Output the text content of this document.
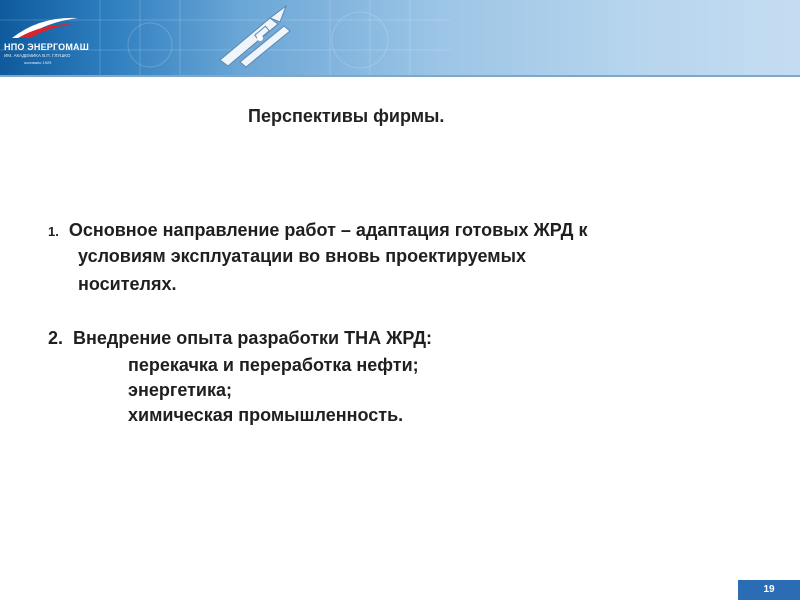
НПО ЭНЕРГОМАШ
ИМ. АКАДЕМИКА В.П. ГЛУШКО
основано 1929
Перспективы фирмы.
1. Основное направление работ – адаптация готовых ЖРД к
условиям эксплуатации во вновь проектируемых
носителях.
2. Внедрение опыта разработки ТНА ЖРД:
перекачка и переработка нефти;
энергетика;
химическая промышленность.
19
